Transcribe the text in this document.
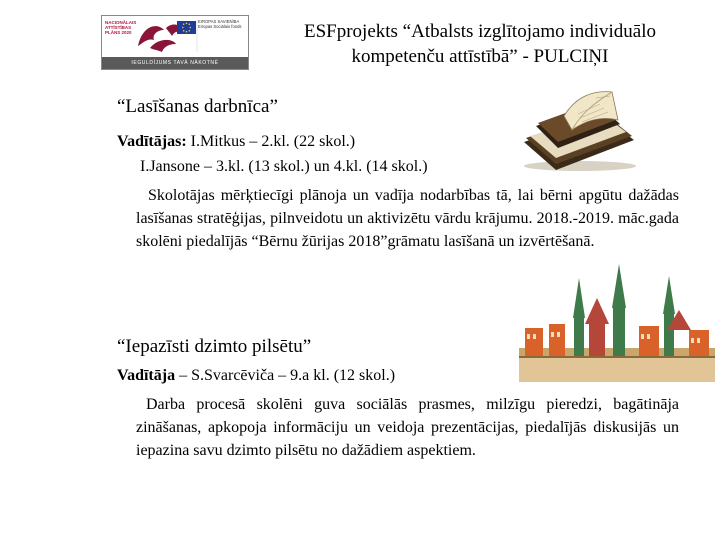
NACIONĀLAIS ATTĪSTĪBAS PLĀNS 2020
EIROPAS SAVIENĪBA Eiropas Sociālais fonds
IEGULDĪJUMS TAVĀ NĀKOTNĒ
ESFprojekts “Atbalsts izglītojamo individuālo
kompetenču attīstībā” - PULCIŅI
“Lasīšanas darbnīca”
Vadītājas: I.Mitkus – 2.kl. (22 skol.)
I.Jansone – 3.kl. (13 skol.) un 4.kl. (14 skol.)
Skolotājas mērķtiecīgi plānoja un vadīja nodarbības tā, lai bērni apgūtu dažādas lasīšanas stratēģijas, pilnveidotu un aktivizētu vārdu krājumu. 2018.-2019. māc.gada skolēni piedalījās “Bērnu žūrijas 2018”grāmatu lasīšanā un izvērtēšanā.
“Iepazīsti dzimto pilsētu”
Vadītāja – S.Svarcēviča – 9.a kl. (12 skol.)
Darba procesā skolēni guva sociālās prasmes, milzīgu pieredzi, bagātināja zināšanas, apkopoja informāciju un veidoja prezentācijas, piedalījās diskusijās un iepazina savu dzimto pilsētu no dažādiem aspektiem.
